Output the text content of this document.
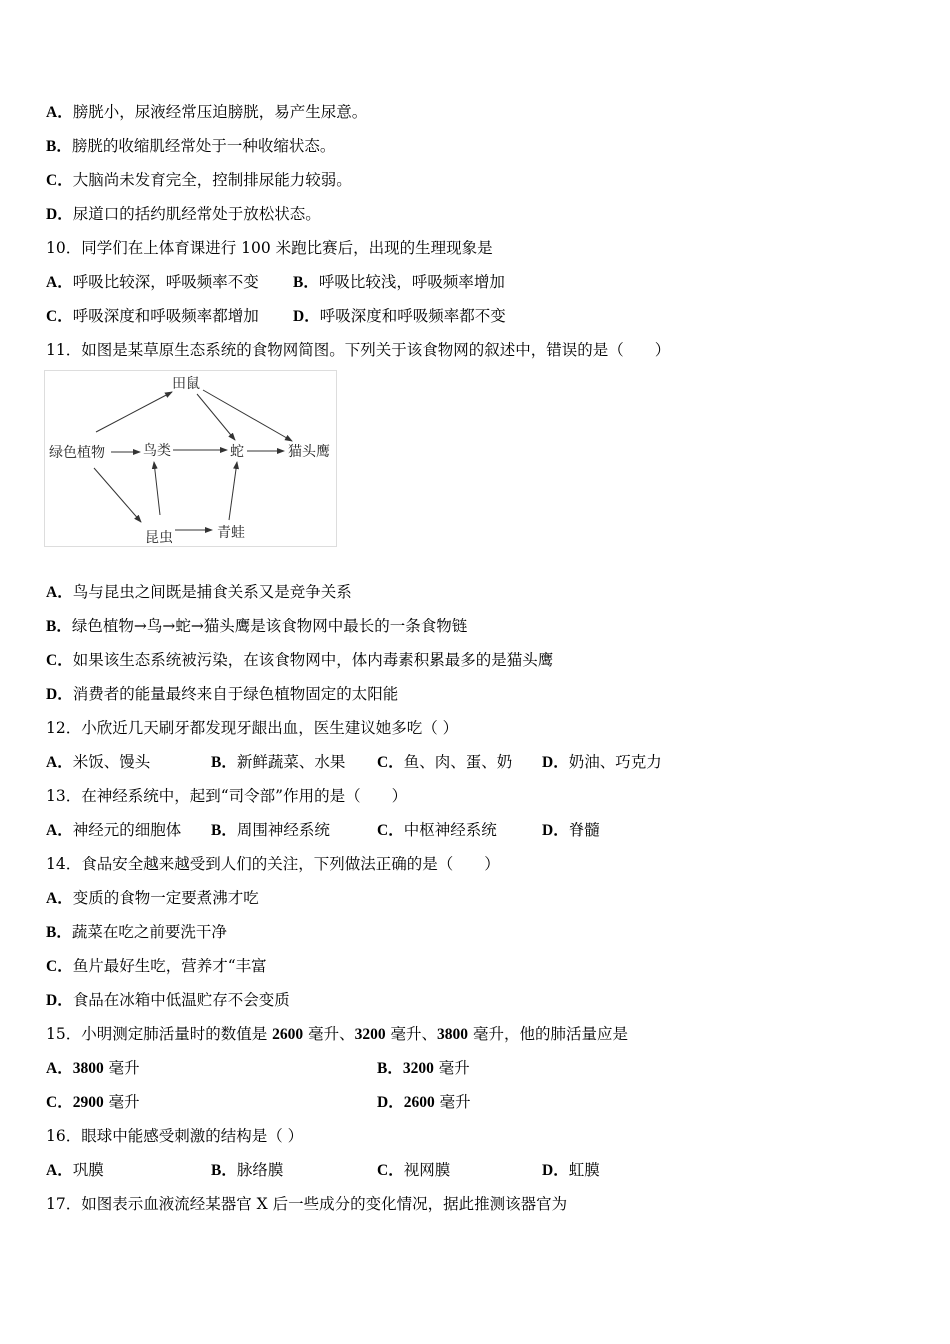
A．膀胱小，尿液经常压迫膀胱，易产生尿意。
B．膀胱的收缩肌经常处于一种收缩状态。
C．大脑尚未发育完全，控制排尿能力较弱。
D．尿道口的括约肌经常处于放松状态。
10．同学们在上体育课进行 100 米跑比赛后，出现的生理现象是
A．呼吸比较深，呼吸频率不变 B．呼吸比较浅，呼吸频率增加
C．呼吸深度和呼吸频率都增加 D．呼吸深度和呼吸频率都不变
11．如图是某草原生态系统的食物网简图。下列关于该食物网的叙述中，错误的是（　　）
田鼠
绿色植物	鸟类	蛇	猫头鹰
昆虫	青蛙
A．鸟与昆虫之间既是捕食关系又是竞争关系
B．绿色植物→鸟→蛇→猫头鹰是该食物网中最长的一条食物链
C．如果该生态系统被污染，在该食物网中，体内毒素积累最多的是猫头鹰
D．消费者的能量最终来自于绿色植物固定的太阳能
12．小欣近几天刷牙都发现牙龈出血，医生建议她多吃（ ）
A．米饭、馒头	B．新鲜蔬菜、水果 C．鱼、肉、蛋、奶 D．奶油、巧克力
13．在神经系统中，起到“司令部”作用的是（　　）
A．神经元的细胞体 B．周围神经系统	C．中枢神经系统	D．脊髓
14．食品安全越来越受到人们的关注，下列做法正确的是（　　）
A．变质的食物一定要煮沸才吃
B．蔬菜在吃之前要洗干净
C．鱼片最好生吃，营养才“丰富
D．食品在冰箱中低温贮存不会变质
15．小明测定肺活量时的数值是 2600 毫升、3200 毫升、3800 毫升，他的肺活量应是
A．3800 毫升	B．3200 毫升
C．2900 毫升	D．2600 毫升
16．眼球中能感受刺激的结构是（ ）
A．巩膜	B．脉络膜	C．视网膜	D．虹膜
17．如图表示血液流经某器官 X 后一些成分的变化情况，据此推测该器官为
